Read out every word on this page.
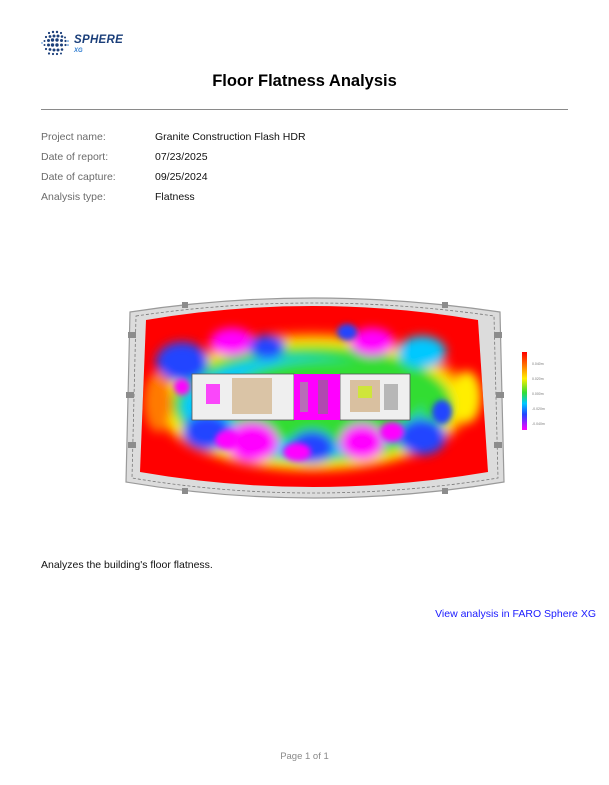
SPHERE
XG
Floor Flatness Analysis
Project name:	Granite Construction Flash HDR
Date of report:	07/23/2025
Date of capture:	09/25/2024
Analysis type:	Flatness
0.040m
0.020m
0.000m
-0.020m
-0.040m
Analyzes the building's floor flatness.
View analysis in FARO Sphere XG
Page 1 of 1
